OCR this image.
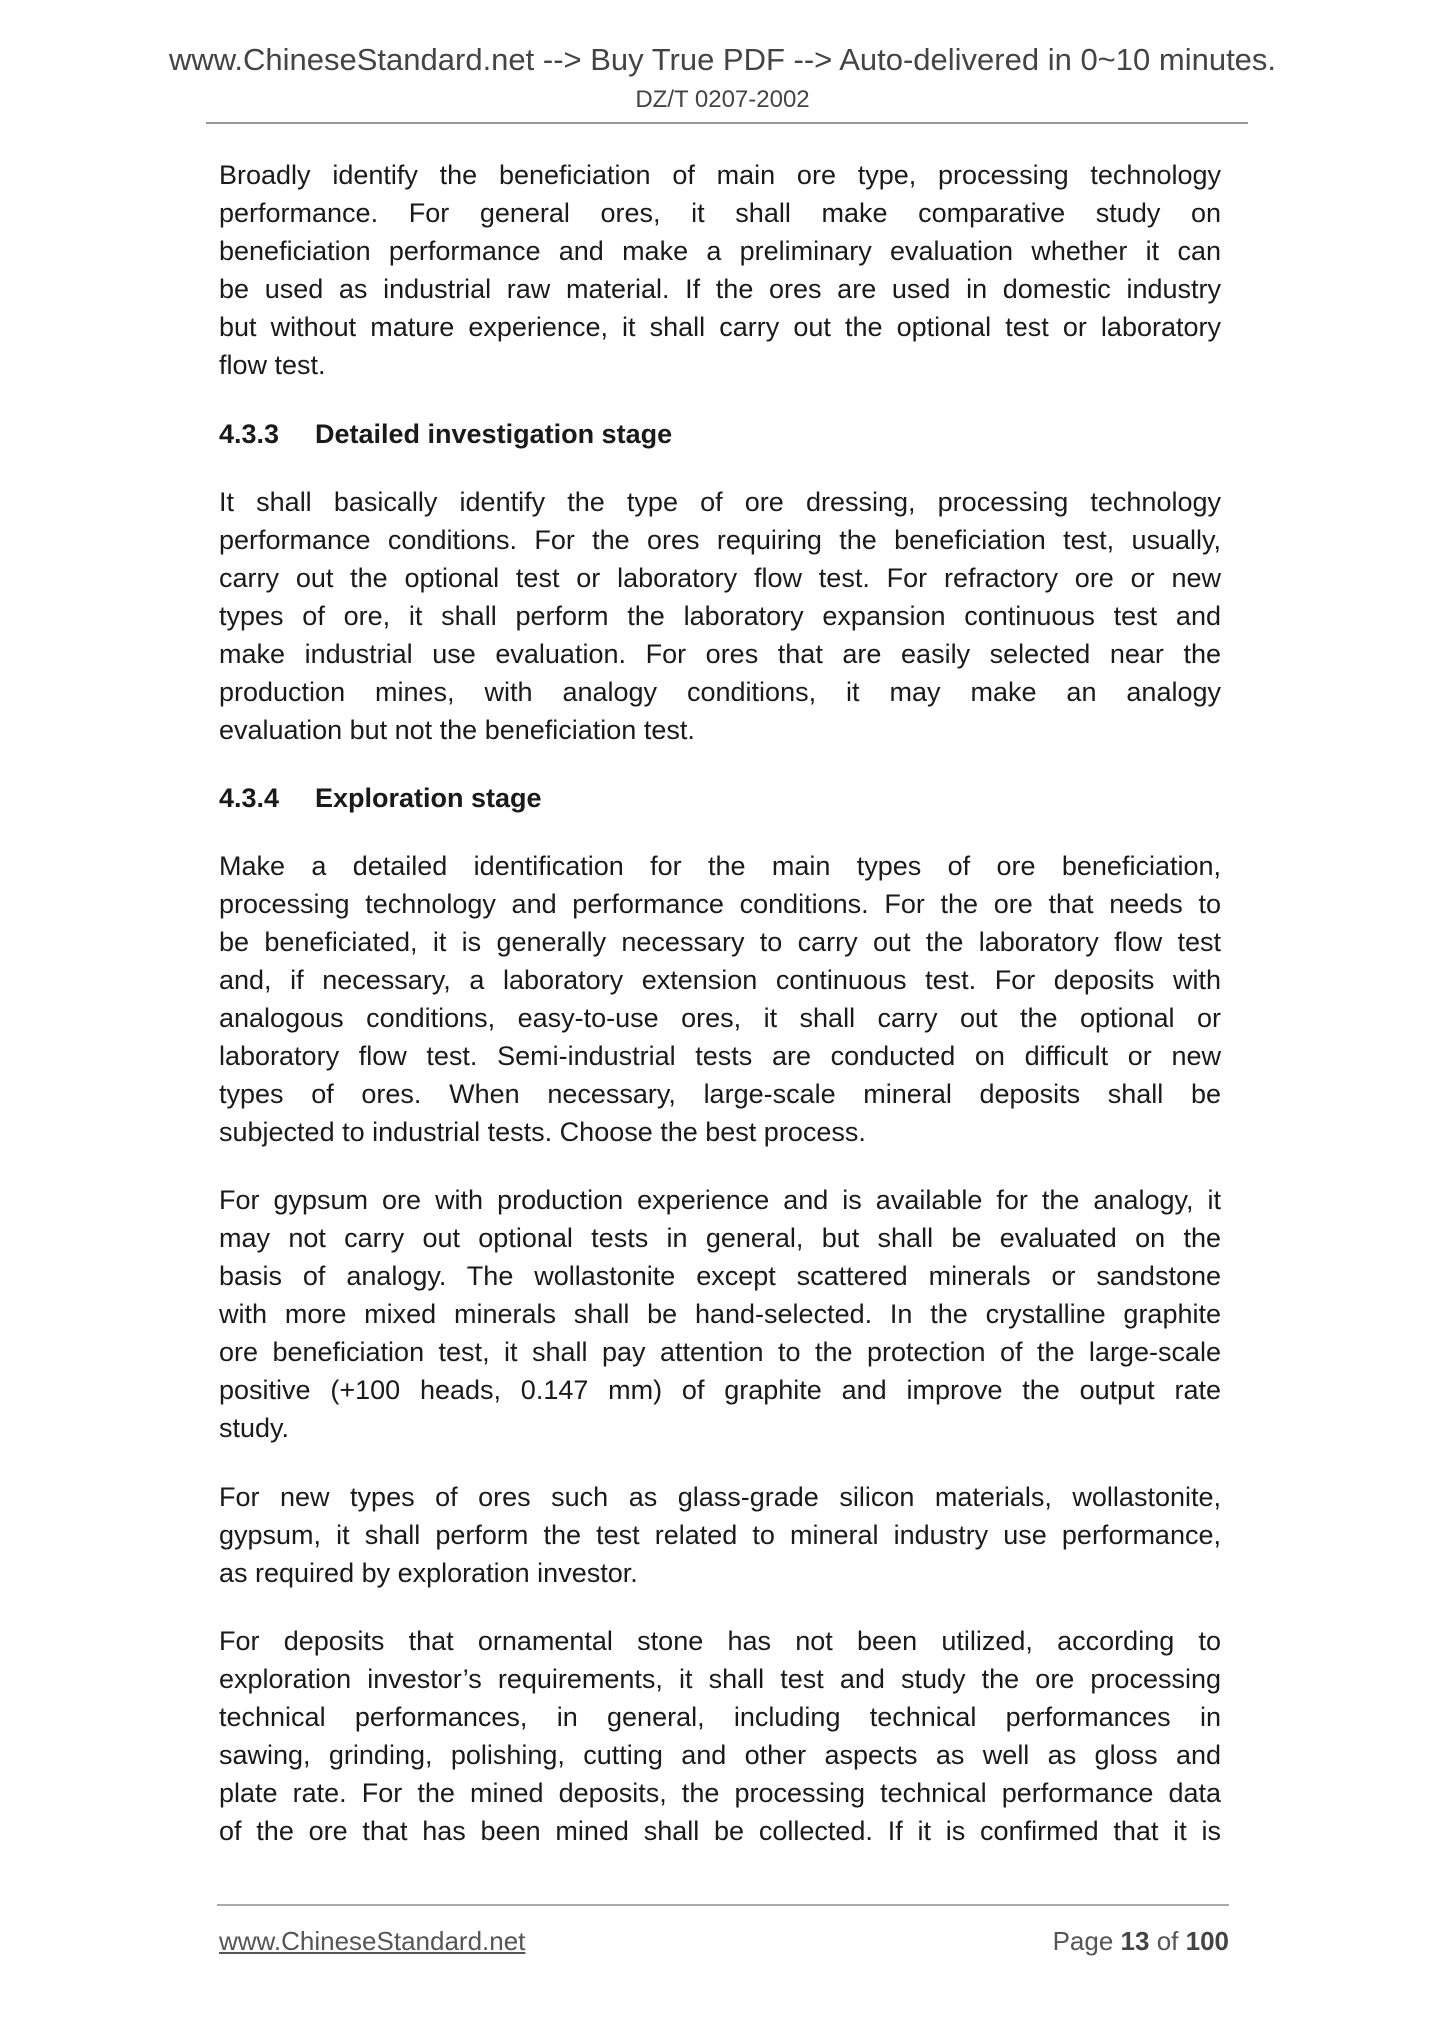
www.ChineseStandard.net --> Buy True PDF --> Auto-delivered in 0~10 minutes.
DZ/T 0207-2002
Broadly identify the beneficiation of main ore type, processing technology
performance. For general ores, it shall make comparative study on
beneficiation performance and make a preliminary evaluation whether it can
be used as industrial raw material. If the ores are used in domestic industry
but without mature experience, it shall carry out the optional test or laboratory
flow test.
4.3.3 Detailed investigation stage
It shall basically identify the type of ore dressing, processing technology
performance conditions. For the ores requiring the beneficiation test, usually,
carry out the optional test or laboratory flow test. For refractory ore or new
types of ore, it shall perform the laboratory expansion continuous test and
make industrial use evaluation. For ores that are easily selected near the
production mines, with analogy conditions, it may make an analogy
evaluation but not the beneficiation test.
4.3.4 Exploration stage
Make a detailed identification for the main types of ore beneficiation,
processing technology and performance conditions. For the ore that needs to
be beneficiated, it is generally necessary to carry out the laboratory flow test
and, if necessary, a laboratory extension continuous test. For deposits with
analogous conditions, easy-to-use ores, it shall carry out the optional or
laboratory flow test. Semi-industrial tests are conducted on difficult or new
types of ores. When necessary, large-scale mineral deposits shall be
subjected to industrial tests. Choose the best process.
For gypsum ore with production experience and is available for the analogy, it
may not carry out optional tests in general, but shall be evaluated on the
basis of analogy. The wollastonite except scattered minerals or sandstone
with more mixed minerals shall be hand-selected. In the crystalline graphite
ore beneficiation test, it shall pay attention to the protection of the large-scale
positive (+100 heads, 0.147 mm) of graphite and improve the output rate
study.
For new types of ores such as glass-grade silicon materials, wollastonite,
gypsum, it shall perform the test related to mineral industry use performance,
as required by exploration investor.
For deposits that ornamental stone has not been utilized, according to
exploration investor’s requirements, it shall test and study the ore processing
technical performances, in general, including technical performances in
sawing, grinding, polishing, cutting and other aspects as well as gloss and
plate rate. For the mined deposits, the processing technical performance data
of the ore that has been mined shall be collected. If it is confirmed that it is
www.ChineseStandard.net	Page 13 of 100
